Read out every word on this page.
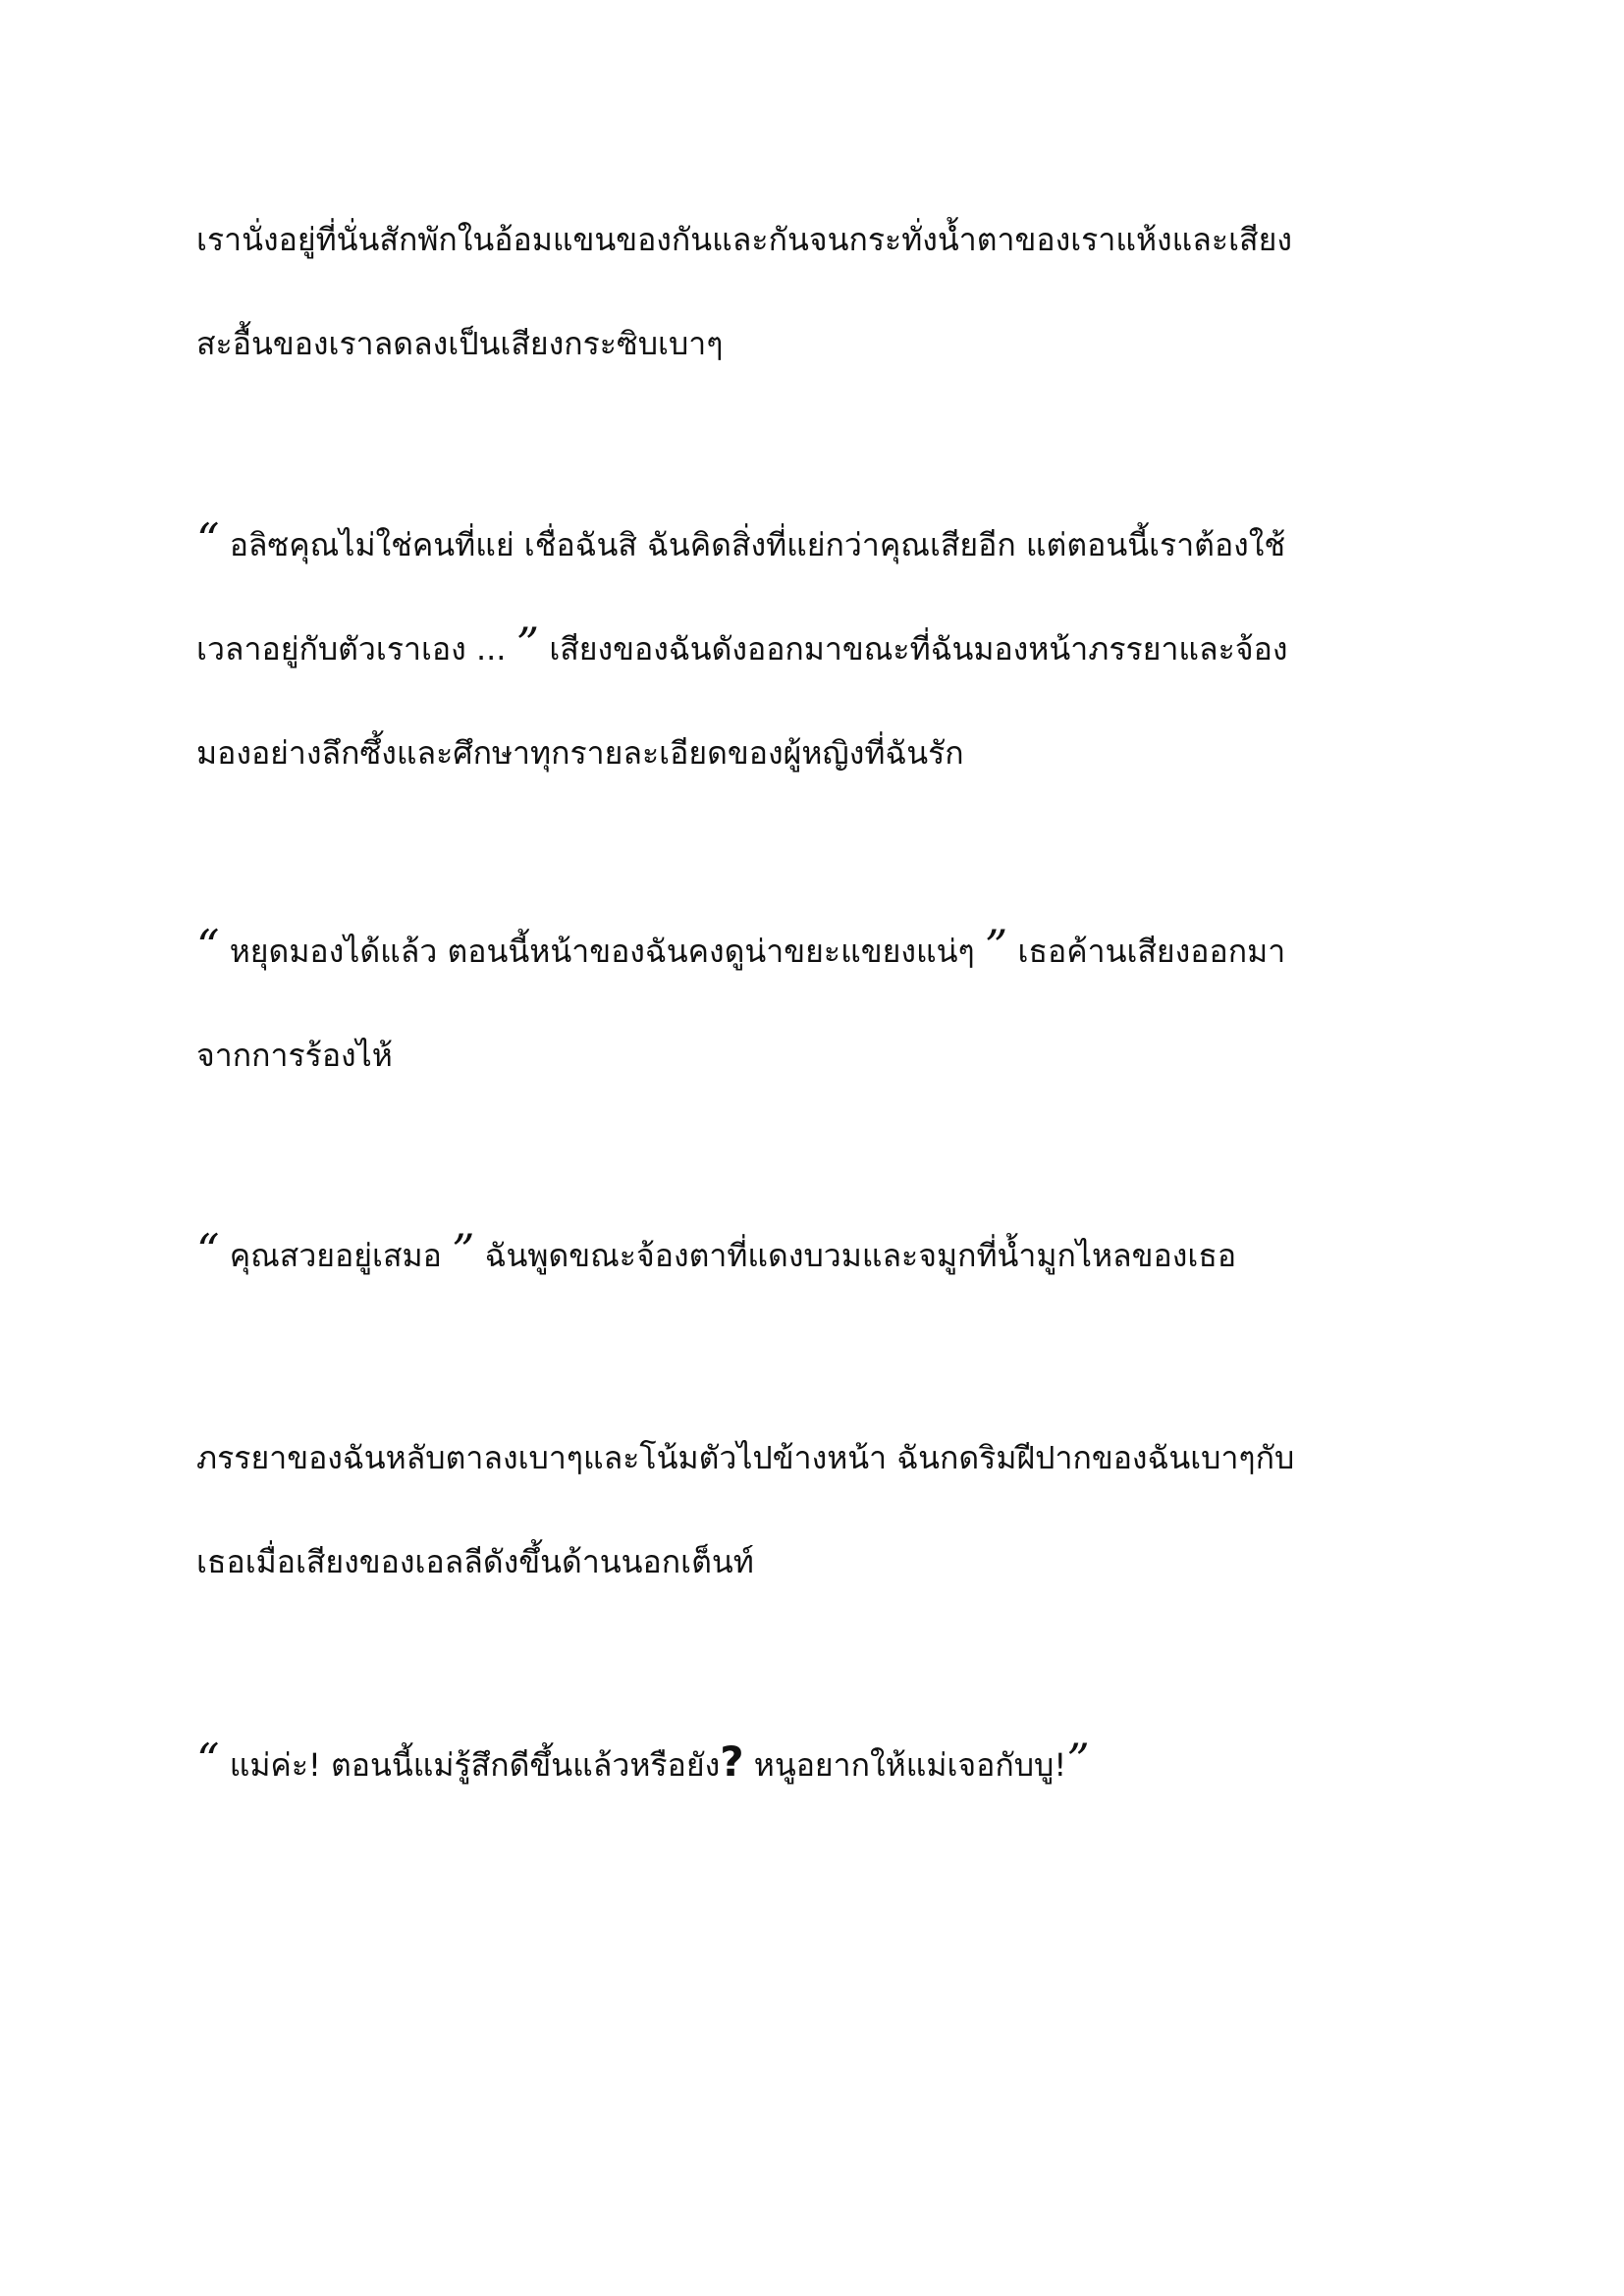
เรานั่งอยู่ที่นั่นสักพักในอ้อมแขนของกันและกันจนกระทั่งน้ำตาของเราแห้งและเสียง
สะอื้นของเราลดลงเป็นเสียงกระซิบเบาๆ

“ อลิซคุณไม่ใช่คนที่แย่ เชื่อฉันสิ ฉันคิดสิ่งที่แย่กว่าคุณเสียอีก แต่ตอนนี้เราต้องใช้
เวลาอยู่กับตัวเราเอง ... ” เสียงของฉันดังออกมาขณะที่ฉันมองหน้าภรรยาและจ้อง
มองอย่างลึกซึ้งและศึกษาทุกรายละเอียดของผู้หญิงที่ฉันรัก

“ หยุดมองได้แล้ว ตอนนี้หน้าของฉันคงดูน่าขยะแขยงแน่ๆ ” เธอค้านเสียงออกมา
จากการร้องไห้

“ คุณสวยอยู่เสมอ ” ฉันพูดขณะจ้องตาที่แดงบวมและจมูกที่น้ำมูกไหลของเธอ

ภรรยาของฉันหลับตาลงเบาๆและโน้มตัวไปข้างหน้า ฉันกดริมฝีปากของฉันเบาๆกับ
เธอเมื่อเสียงของเอลลีดังขึ้นด้านนอกเต็นท์

“ แม่ค่ะ! ตอนนี้แม่รู้สึกดีขึ้นแล้วหรือยัง? หนูอยากให้แม่เจอกับบู!”
